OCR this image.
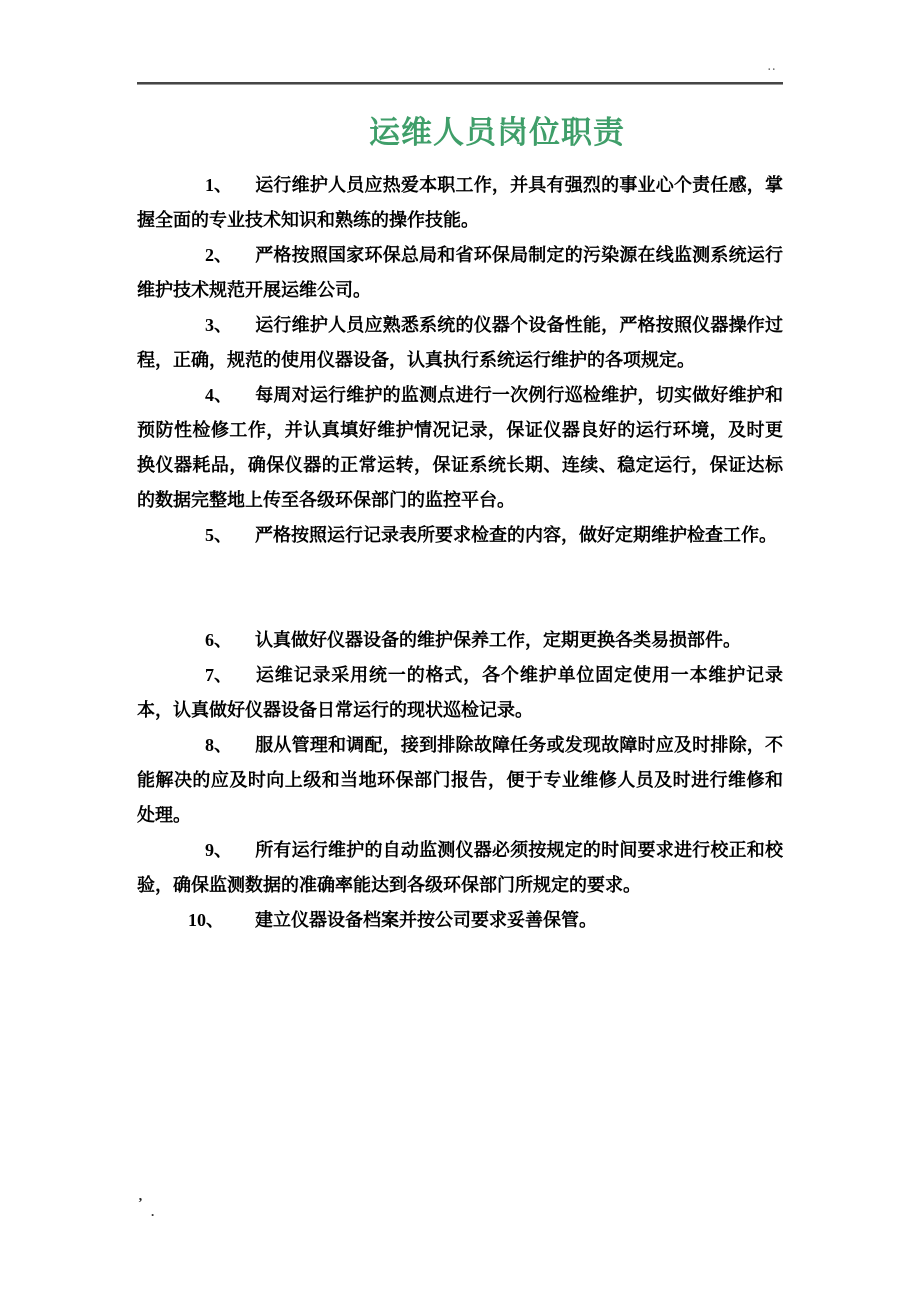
..
运维人员岗位职责

1、 运行维护人员应热爱本职工作，并具有强烈的事业心个责任感，掌握全面的专业技术知识和熟练的操作技能。

2、 严格按照国家环保总局和省环保局制定的污染源在线监测系统运行维护技术规范开展运维公司。

3、 运行维护人员应熟悉系统的仪器个设备性能，严格按照仪器操作过程，正确，规范的使用仪器设备，认真执行系统运行维护的各项规定。

4、 每周对运行维护的监测点进行一次例行巡检维护，切实做好维护和预防性检修工作，并认真填好维护情况记录，保证仪器良好的运行环境，及时更换仪器耗品，确保仪器的正常运转，保证系统长期、连续、稳定运行，保证达标的数据完整地上传至各级环保部门的监控平台。

5、 严格按照运行记录表所要求检查的内容，做好定期维护检查工作。

6、 认真做好仪器设备的维护保养工作，定期更换各类易损部件。

7、 运维记录采用统一的格式，各个维护单位固定使用一本维护记录本，认真做好仪器设备日常运行的现状巡检记录。

8、 服从管理和调配，接到排除故障任务或发现故障时应及时排除，不能解决的应及时向上级和当地环保部门报告，便于专业维修人员及时进行维修和处理。

9、 所有运行维护的自动监测仪器必须按规定的时间要求进行校正和校验，确保监测数据的准确率能达到各级环保部门所规定的要求。

10、 建立仪器设备档案并按公司要求妥善保管。

’
.
